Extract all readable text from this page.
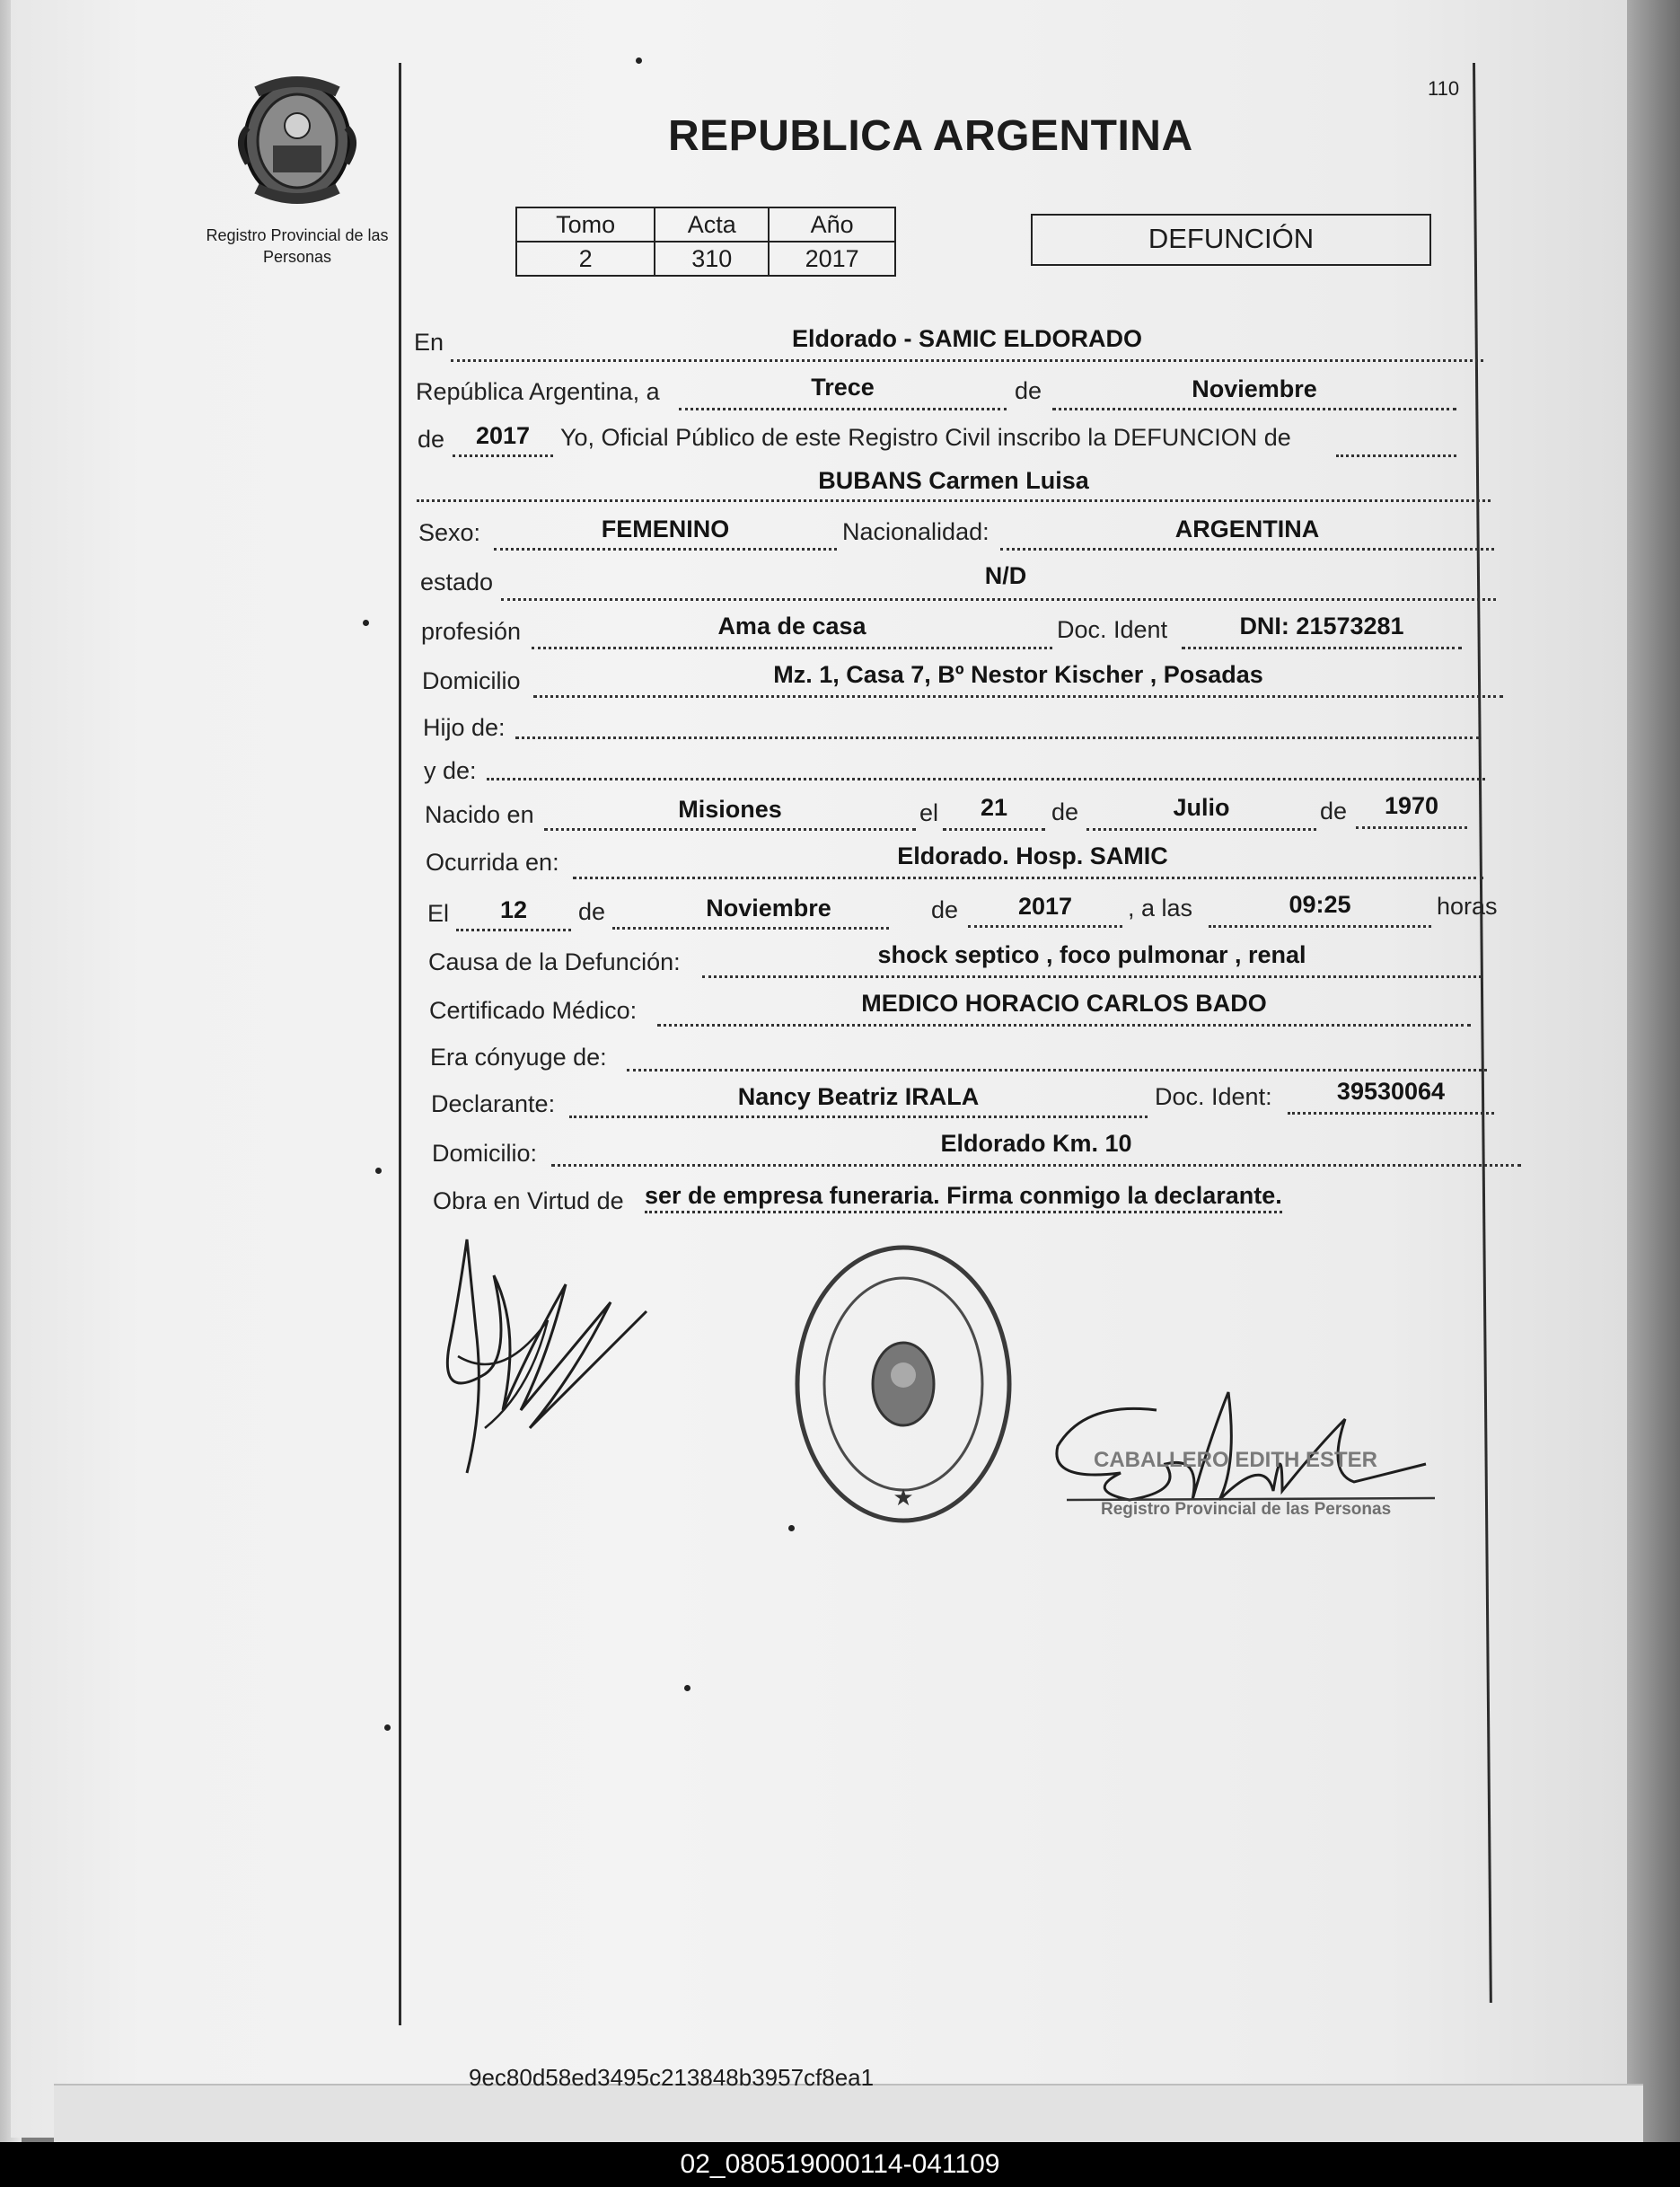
110
Registro Provincial de las Personas
REPUBLICA ARGENTINA
Tomo	Acta	Año
2	310	2017
DEFUNCIÓN
En	Eldorado - SAMIC ELDORADO
República Argentina, a	Trece	de	Noviembre
de	2017	Yo, Oficial Público de este Registro Civil inscribo la DEFUNCION de
BUBANS Carmen Luisa
Sexo:	FEMENINO	Nacionalidad:	ARGENTINA
estado	N/D
profesión	Ama de casa	Doc. Ident	DNI: 21573281
Domicilio	Mz. 1, Casa 7, Bº Nestor Kischer , Posadas
Hijo de:
y de:
Nacido en	Misiones	el	21	de	Julio	de	1970
Ocurrida en:	Eldorado. Hosp. SAMIC
El	12	de	Noviembre	de	2017	, a las	09:25	horas
Causa de la Defunción:	shock septico , foco pulmonar , renal
Certificado Médico:	MEDICO HORACIO CARLOS BADO
Era cónyuge de:
Declarante:	Nancy Beatriz IRALA	Doc. Ident:	39530064
Domicilio:	Eldorado Km. 10
Obra en Virtud de ser de empresa funeraria. Firma conmigo la declarante.
★
CABALLERO EDITH ESTER
Registro Provincial de las Personas
9ec80d58ed3495c213848b3957cf8ea1
02_080519000114-041109
